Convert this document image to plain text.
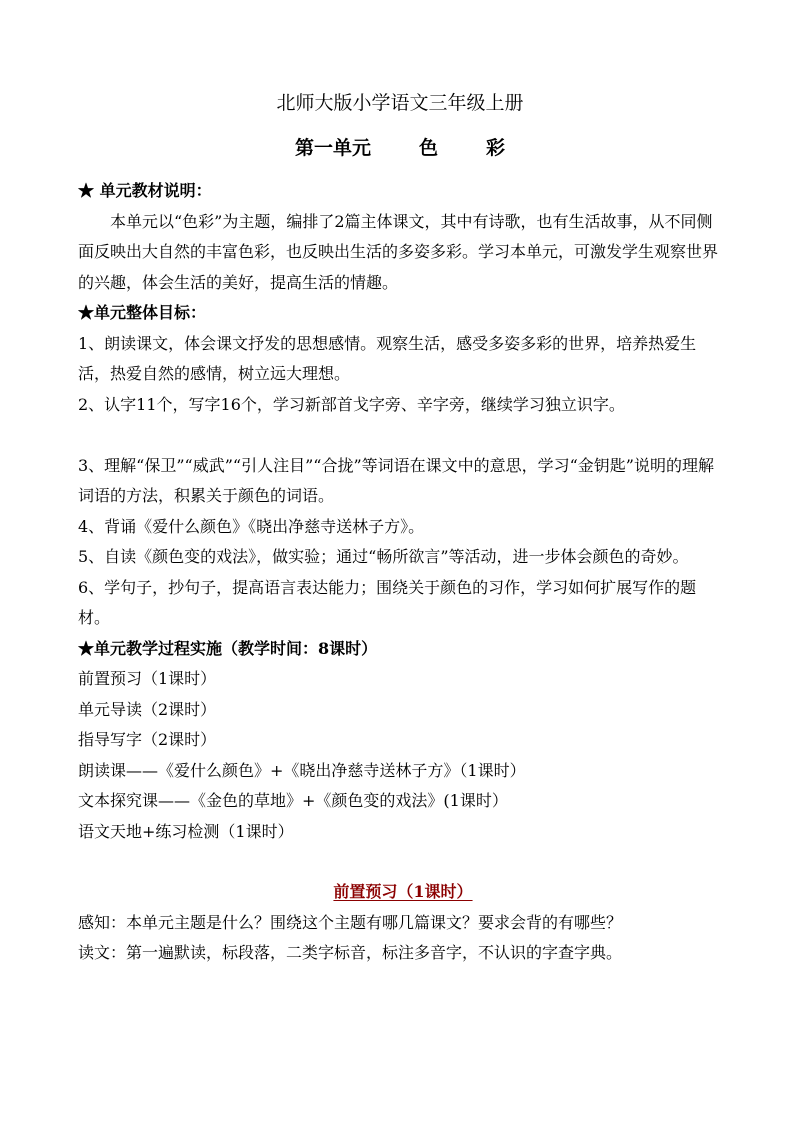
北师大版小学语文三年级上册
第一单元	色	彩

★ 单元教材说明：

本单元以“色彩”为主题，编排了2篇主体课文，其中有诗歌，也有生活故事，从不同侧面反映出大自然的丰富色彩，也反映出生活的多姿多彩。学习本单元，可激发学生观察世界的兴趣，体会生活的美好，提高生活的情趣。

★单元整体目标：

1、朗读课文，体会课文抒发的思想感情。观察生活，感受多姿多彩的世界，培养热爱生活，热爱自然的感情，树立远大理想。

2、认字11个，写字16个，学习新部首戈字旁、辛字旁，继续学习独立识字。

3、理解“保卫”“威武”“引人注目”“合拢”等词语在课文中的意思，学习“金钥匙”说明的理解词语的方法，积累关于颜色的词语。

4、背诵《爱什么颜色》《晓出净慈寺送林子方》。

5、自读《颜色变的戏法》，做实验；通过“畅所欲言”等活动，进一步体会颜色的奇妙。

6、学句子，抄句子，提高语言表达能力；围绕关于颜色的习作，学习如何扩展写作的题材。

★单元教学过程实施（教学时间：8课时）

前置预习（1课时）

单元导读（2课时）

指导写字（2课时）

朗读课——《爱什么颜色》+《晓出净慈寺送林子方》（1课时）

文本探究课——《金色的草地》+《颜色变的戏法》(1课时）

语文天地+练习检测（1课时）

前置预习（1课时）

感知：本单元主题是什么？围绕这个主题有哪几篇课文？要求会背的有哪些？

读文：第一遍默读，标段落，二类字标音，标注多音字，不认识的字查字典。
